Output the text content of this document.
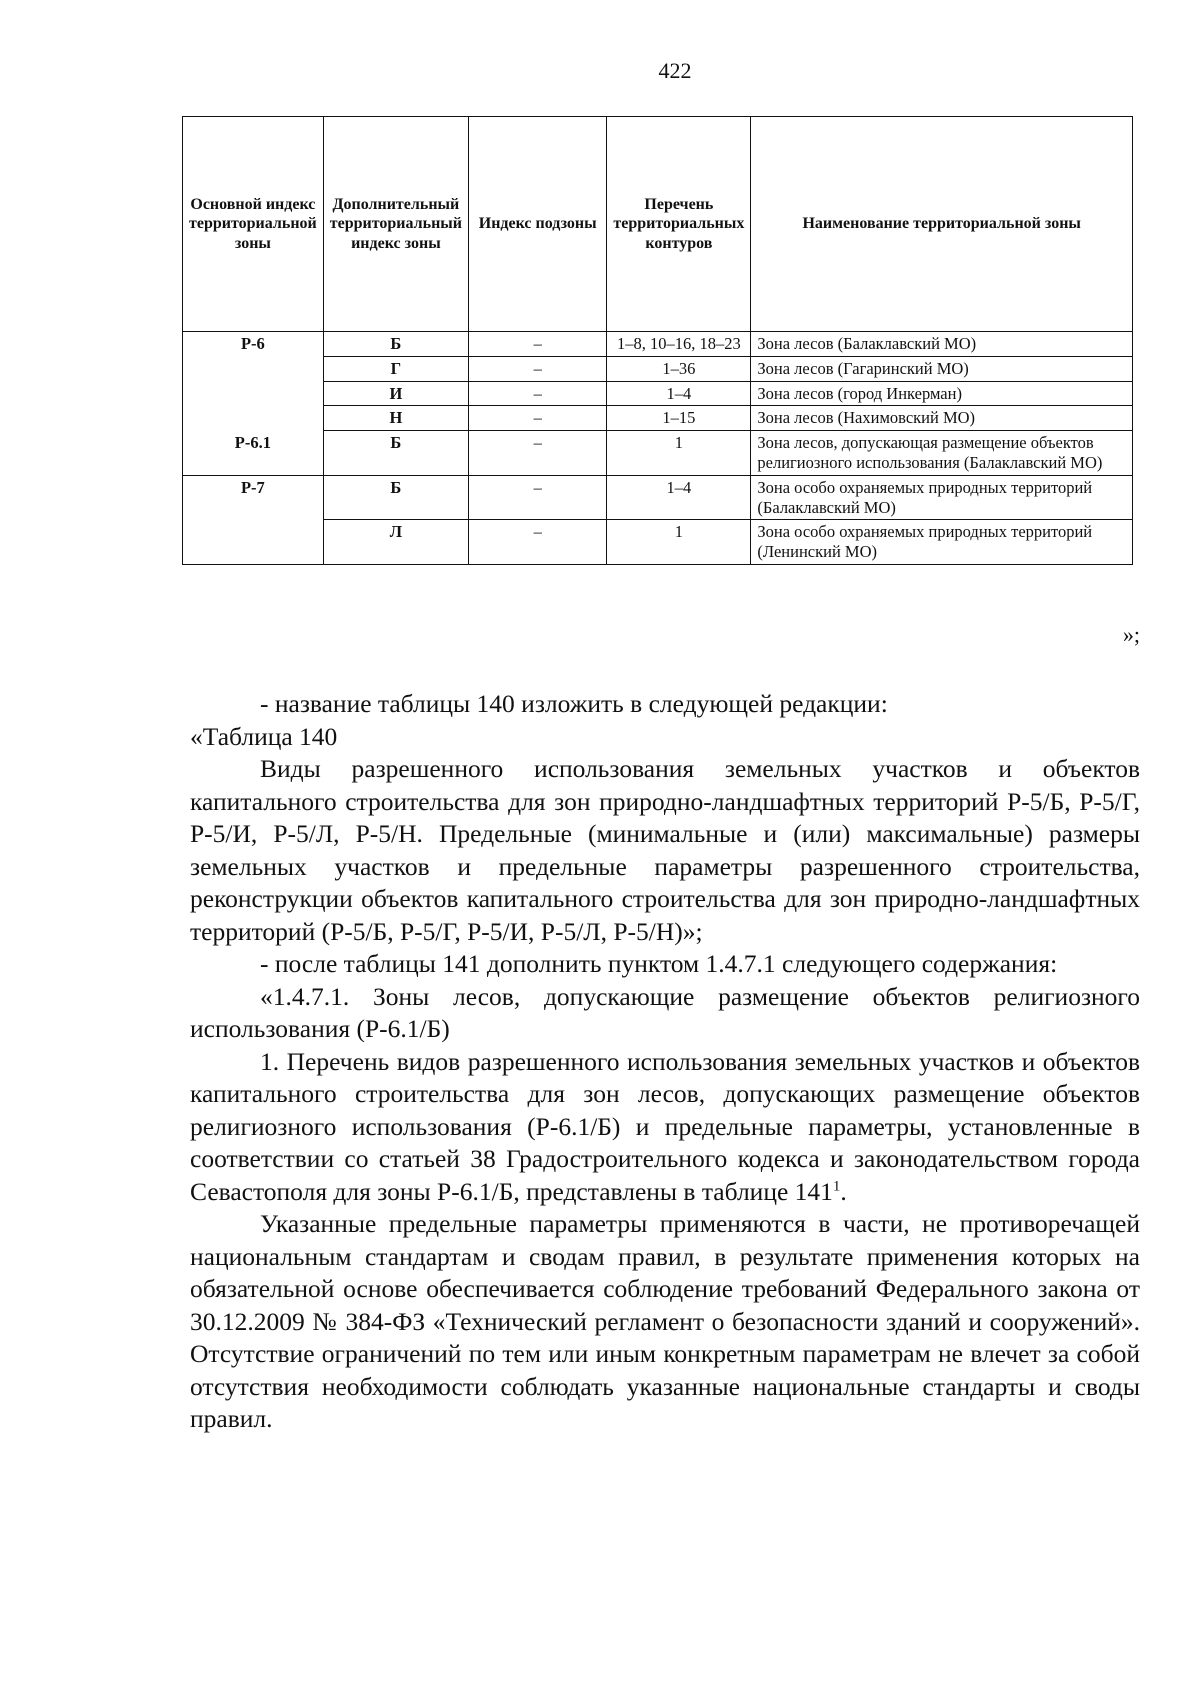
422
Основной индекс территориальной зоны	Дополнительный территориальный индекс зоны	Индекс подзоны	Перечень территориальных контуров	Наименование территориальной зоны
Р-6	Б	–	1–8, 10–16, 18–23	Зона лесов (Балаклавский МО)
	Г	–	1–36	Зона лесов (Гагаринский МО)
	И	–	1–4	Зона лесов (город Инкерман)
	Н	–	1–15	Зона лесов (Нахимовский МО)
Р-6.1	Б	–	1	Зона лесов, допускающая размещение объектов религиозного использования (Балаклавский МО)
Р-7	Б	–	1–4	Зона особо охраняемых природных территорий (Балаклавский МО)
	Л	–	1	Зона особо охраняемых природных территорий (Ленинский МО)
»;

- название таблицы 140 изложить в следующей редакции:

«Таблица 140

Виды разрешенного использования земельных участков и объектов капитального строительства для зон природно-ландшафтных территорий Р-5/Б, Р-5/Г, Р-5/И, Р-5/Л, Р-5/Н. Предельные (минимальные и (или) максимальные) размеры земельных участков и предельные параметры разрешенного строительства, реконструкции объектов капитального строительства для зон природно-ландшафтных территорий (Р-5/Б, Р-5/Г, Р-5/И, Р-5/Л, Р-5/Н)»;

- после таблицы 141 дополнить пунктом 1.4.7.1 следующего содержания:

«1.4.7.1. Зоны лесов, допускающие размещение объектов религиозного использования (Р-6.1/Б)

1. Перечень видов разрешенного использования земельных участков и объектов капитального строительства для зон лесов, допускающих размещение объектов религиозного использования (Р-6.1/Б) и предельные параметры, установленные в соответствии со статьей 38 Градостроительного кодекса и законодательством города Севастополя для зоны Р-6.1/Б, представлены в таблице $141^1$.

Указанные предельные параметры применяются в части, не противоречащей национальным стандартам и сводам правил, в результате применения которых на обязательной основе обеспечивается соблюдение требований Федерального закона от 30.12.2009 № 384-ФЗ «Технический регламент о безопасности зданий и сооружений». Отсутствие ограничений по тем или иным конкретным параметрам не влечет за собой отсутствия необходимости соблюдать указанные национальные стандарты и своды правил.
